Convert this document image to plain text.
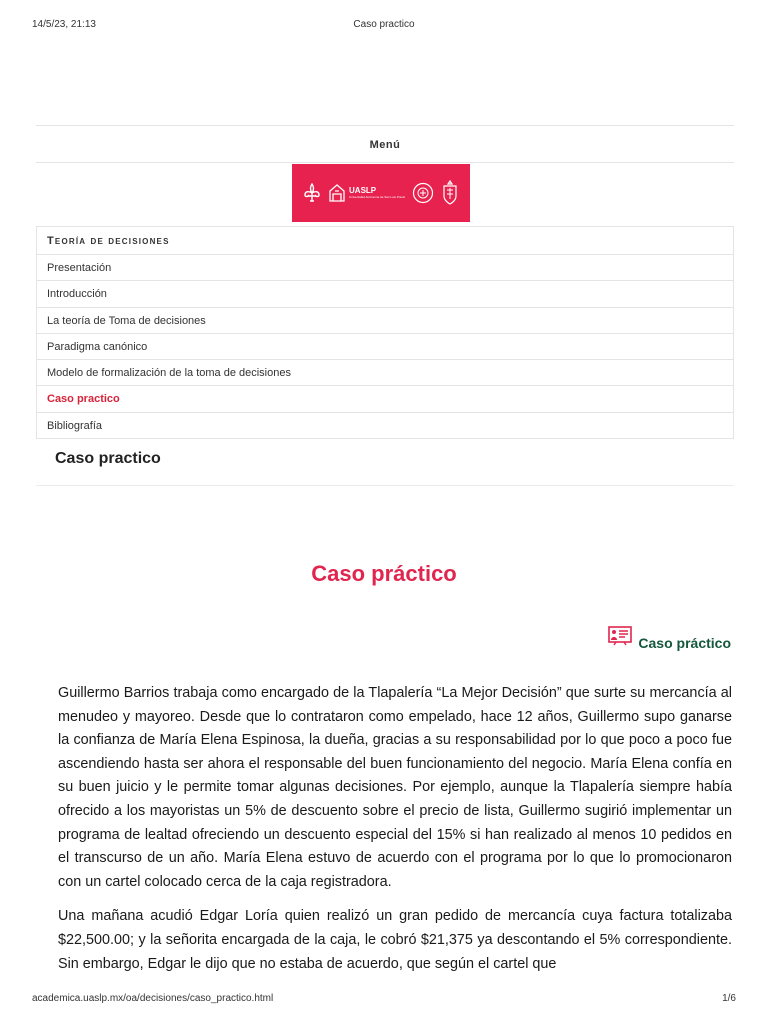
14/5/23, 21:13	Caso practico
Menú
UASLP
Universidad Autónoma de San Luis Potosí
Teoría de decisiones
Presentación
Introducción
La teoría de Toma de decisiones
Paradigma canónico
Modelo de formalización de la toma de decisiones
Caso practico
Bibliografía
Caso practico
Caso práctico
Caso práctico

Guillermo Barrios trabaja como encargado de la Tlapalería “La Mejor Decisión” que surte su mercancía al menudeo y mayoreo. Desde que lo contrataron como empelado, hace 12 años, Guillermo supo ganarse la confianza de María Elena Espinosa, la dueña, gracias a su responsabilidad por lo que poco a poco fue ascendiendo hasta ser ahora el responsable del buen funcionamiento del negocio. María Elena confía en su buen juicio y le permite tomar algunas decisiones. Por ejemplo, aunque la Tlapalería siempre había ofrecido a los mayoristas un 5% de descuento sobre el precio de lista, Guillermo sugirió implementar un programa de lealtad ofreciendo un descuento especial del 15% si han realizado al menos 10 pedidos en el transcurso de un año. María Elena estuvo de acuerdo con el programa por lo que lo promocionaron con un cartel colocado cerca de la caja registradora.

Una mañana acudió Edgar Loría quien realizó un gran pedido de mercancía cuya factura totalizaba $22,500.00; y la señorita encargada de la caja, le cobró $21,375 ya descontando el 5% correspondiente. Sin embargo, Edgar le dijo que no estaba de acuerdo, que según el cartel que

academica.uaslp.mx/oa/decisiones/caso_practico.html	1/6
